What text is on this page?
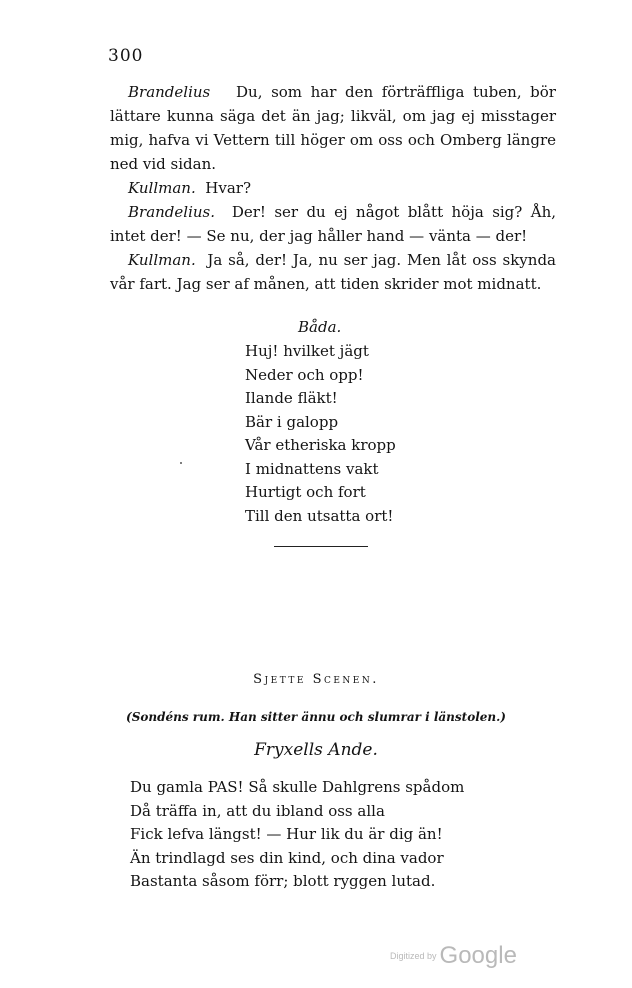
300

Brandelius Du, som har den förträffliga tuben, bör lättare kunna säga det än jag; likväl, om jag ej misstager mig, hafva vi Vettern till höger om oss och Omberg längre ned vid sidan.

Kullman. Hvar?

Brandelius. Der! ser du ej något blått höja sig? Åh, intet der! — Se nu, der jag håller hand — vänta — der!

Kullman. Ja så, der! Ja, nu ser jag. Men låt oss skynda vår fart. Jag ser af månen, att tiden skrider mot midnatt.

Båda.
Huj! hvilket jägt
Neder och opp!
Ilande fläkt!
Bär i galopp
Vår etheriska kropp
I midnattens vakt
Hurtigt och fort
Till den utsatta ort!
Sjette Scenen.
(Sondéns rum. Han sitter ännu och slumrar i länstolen.)
Fryxells Ande.
Du gamla PAS! Så skulle Dahlgrens spådom
Då träffa in, att du ibland oss alla
Fick lefva längst! — Hur lik du är dig än!
Än trindlagd ses din kind, och dina vador
Bastanta såsom förr; blott ryggen lutad.
$^{Digitized by}$ Google
